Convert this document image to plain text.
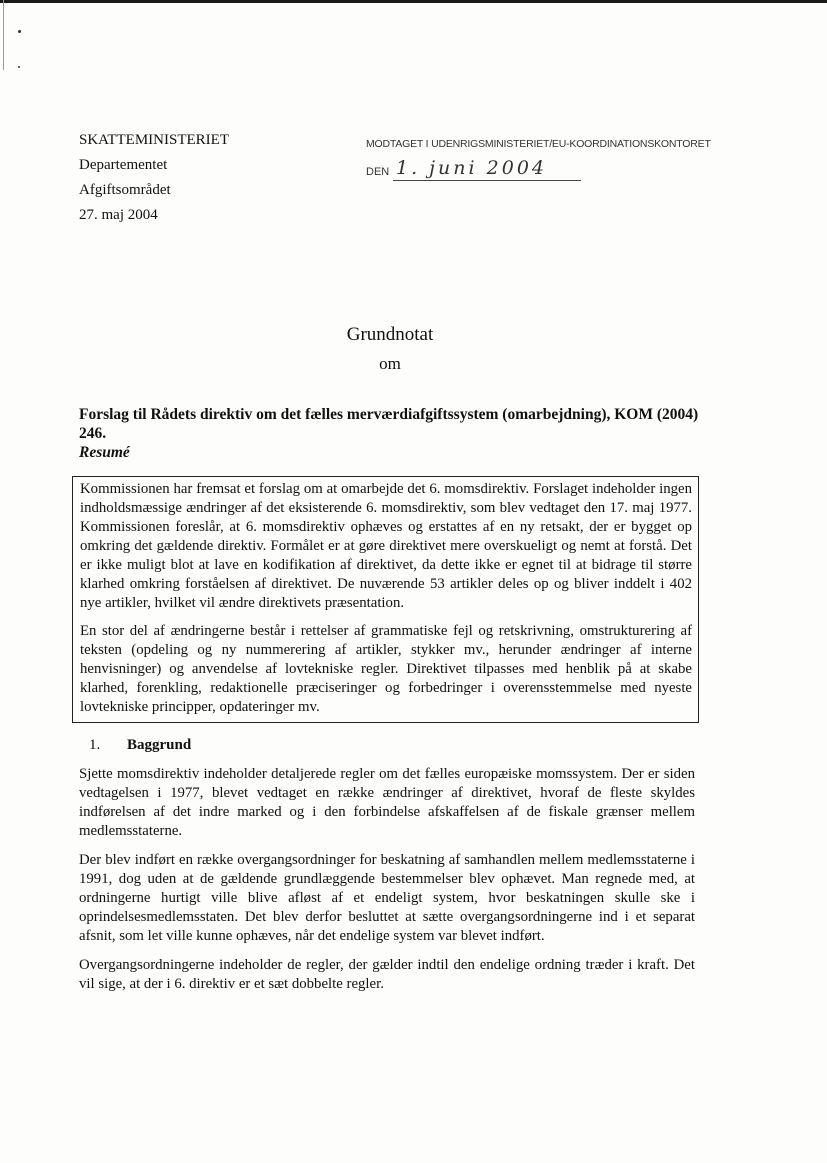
SKATTEMINISTERIET
Departementet
Afgiftsområdet
27. maj 2004
MODTAGET I UDENRIGSMINISTERIET/EU-KOORDINATIONSKONTORET
DEN 1. juni 2004
Grundnotat
om
Forslag til Rådets direktiv om det fælles merværdiafgiftssystem (omarbejdning), KOM (2004) 246.
Resumé

Kommissionen har fremsat et forslag om at omarbejde det 6. momsdirektiv. Forslaget indeholder ingen indholdsmæssige ændringer af det eksisterende 6. momsdirektiv, som blev vedtaget den 17. maj 1977. Kommissionen foreslår, at 6. momsdirektiv ophæves og erstattes af en ny retsakt, der er bygget op omkring det gældende direktiv. Formålet er at gøre direktivet mere overskueligt og nemt at forstå. Det er ikke muligt blot at lave en kodifikation af direktivet, da dette ikke er egnet til at bidrage til større klarhed omkring forståelsen af direktivet. De nuværende 53 artikler deles op og bliver inddelt i 402 nye artikler, hvilket vil ændre direktivets præsentation.

En stor del af ændringerne består i rettelser af grammatiske fejl og retskrivning, omstrukturering af teksten (opdeling og ny nummerering af artikler, stykker mv., herunder ændringer af interne henvisninger) og anvendelse af lovtekniske regler. Direktivet tilpasses med henblik på at skabe klarhed, forenkling, redaktionelle præciseringer og forbedringer i overensstemmelse med nyeste lovtekniske principper, opdateringer mv.

1. Baggrund

Sjette momsdirektiv indeholder detaljerede regler om det fælles europæiske momssystem. Der er siden vedtagelsen i 1977, blevet vedtaget en række ændringer af direktivet, hvoraf de fleste skyldes indførelsen af det indre marked og i den forbindelse afskaffelsen af de fiskale grænser mellem medlemsstaterne.

Der blev indført en række overgangsordninger for beskatning af samhandlen mellem medlemsstaterne i 1991, dog uden at de gældende grundlæggende bestemmelser blev ophævet. Man regnede med, at ordningerne hurtigt ville blive afløst af et endeligt system, hvor beskatningen skulle ske i oprindelsesmedlemsstaten. Det blev derfor besluttet at sætte overgangsordningerne ind i et separat afsnit, som let ville kunne ophæves, når det endelige system var blevet indført.

Overgangsordningerne indeholder de regler, der gælder indtil den endelige ordning træder i kraft. Det vil sige, at der i 6. direktiv er et sæt dobbelte regler.
